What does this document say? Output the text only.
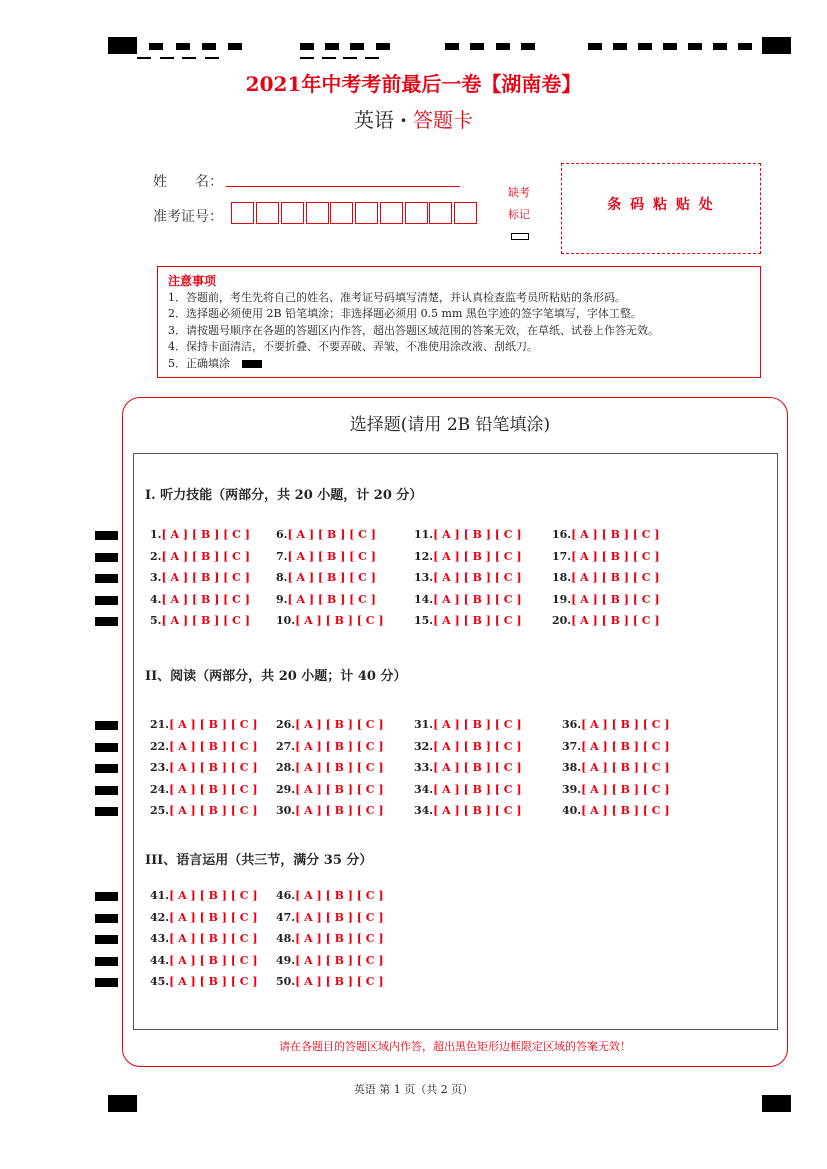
2021年中考考前最后一卷【湖南卷】
英语 · 答题卡
姓　　名：
准考证号：
缺考
标记
条 码 粘 贴 处
注意事项
1．答题前，考生先将自己的姓名、准考证号码填写清楚，并认真检查监考员所粘贴的条形码。
2．选择题必须使用 2B 铅笔填涂；非选择题必须用 0.5 mm 黑色字迹的签字笔填写，字体工整。
3．请按题号顺序在各题的答题区内作答，超出答题区域范围的答案无效，在草纸、试卷上作答无效。
4．保持卡面清洁，不要折叠、不要弄破、弄皱，不准使用涂改液、刮纸刀。
5．正确填涂
选择题(请用 2B 铅笔填涂)
I. 听力技能（两部分，共 20 小题，计 20 分）
II、阅读（两部分，共 20 小题；计 40 分）
III、语言运用（共三节，满分 35 分）
1.[ A ] [ B ] [ C ]
2.[ A ] [ B ] [ C ]
3.[ A ] [ B ] [ C ]
4.[ A ] [ B ] [ C ]
5.[ A ] [ B ] [ C ]
6.[ A ] [ B ] [ C ]
7.[ A ] [ B ] [ C ]
8.[ A ] [ B ] [ C ]
9.[ A ] [ B ] [ C ]
10.[ A ] [ B ] [ C ]
11.[ A ] [ B ] [ C ]
12.[ A ] [ B ] [ C ]
13.[ A ] [ B ] [ C ]
14.[ A ] [ B ] [ C ]
15.[ A ] [ B ] [ C ]
16.[ A ] [ B ] [ C ]
17.[ A ] [ B ] [ C ]
18.[ A ] [ B ] [ C ]
19.[ A ] [ B ] [ C ]
20.[ A ] [ B ] [ C ]
21.[ A ] [ B ] [ C ]
22.[ A ] [ B ] [ C ]
23.[ A ] [ B ] [ C ]
24.[ A ] [ B ] [ C ]
25.[ A ] [ B ] [ C ]
26.[ A ] [ B ] [ C ]
27.[ A ] [ B ] [ C ]
28.[ A ] [ B ] [ C ]
29.[ A ] [ B ] [ C ]
30.[ A ] [ B ] [ C ]
31.[ A ] [ B ] [ C ]
32.[ A ] [ B ] [ C ]
33.[ A ] [ B ] [ C ]
34.[ A ] [ B ] [ C ]
34.[ A ] [ B ] [ C ]
36.[ A ] [ B ] [ C ]
37.[ A ] [ B ] [ C ]
38.[ A ] [ B ] [ C ]
39.[ A ] [ B ] [ C ]
40.[ A ] [ B ] [ C ]
41.[ A ] [ B ] [ C ]
42.[ A ] [ B ] [ C ]
43.[ A ] [ B ] [ C ]
44.[ A ] [ B ] [ C ]
45.[ A ] [ B ] [ C ]
46.[ A ] [ B ] [ C ]
47.[ A ] [ B ] [ C ]
48.[ A ] [ B ] [ C ]
49.[ A ] [ B ] [ C ]
50.[ A ] [ B ] [ C ]
请在各题目的答题区域内作答，超出黑色矩形边框限定区域的答案无效！
英语 第 1 页（共 2 页）
